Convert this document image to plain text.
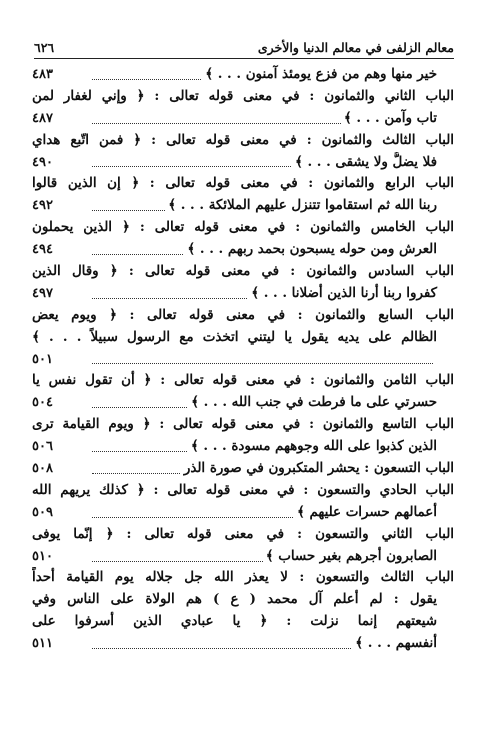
٦٢٦	معالم الزلفى في معالم الدنيا والأخرى
خير منها وهم من فزع يومئذ آمنون . . . ﴾
٤٨٣
الباب الثاني والثمانون : في معنى قوله تعالى : ﴿ وإني لغفار لمن
تاب وآمن . . . ﴾
٤٨٧
الباب الثالث والثمانون : في معنى قوله تعالى : ﴿ فمن اتّبع هداي
فلا يضلُّ ولا يشقى . . . ﴾
٤٩٠
الباب الرابع والثمانون : في معنى قوله تعالى : ﴿ إن الذين قالوا
ربنا الله ثم استقاموا تتنزل عليهم الملائكة . . . ﴾
٤٩٢
الباب الخامس والثمانون : في معنى قوله تعالى : ﴿ الذين يحملون
العرش ومن حوله يسبحون بحمد ربهم . . . ﴾
٤٩٤
الباب السادس والثمانون : في معنى قوله تعالى : ﴿ وقال الذين
كفروا ربنا أرنا الذين أضلانا . . . ﴾
٤٩٧
الباب السابع والثمانون : في معنى قوله تعالى : ﴿ ويوم يعض
الظالم على يديه يقول يا ليتني اتخذت مع الرسول سبيلاً . . . ﴾
٥٠١
الباب الثامن والثمانون : في معنى قوله تعالى : ﴿ أن تقول نفس يا
حسرتي على ما فرطت في جنب الله . . . ﴾
٥٠٤
الباب التاسع والثمانون : في معنى قوله تعالى : ﴿ ويوم القيامة ترى
الذين كذبوا على الله وجوههم مسودة . . . ﴾
٥٠٦
الباب التسعون : يحشر المتكبرون في صورة الذر
٥٠٨
الباب الحادي والتسعون : في معنى قوله تعالى : ﴿ كذلك يريهم الله
أعمالهم حسرات عليهم ﴾
٥٠٩
الباب الثاني والتسعون : في معنى قوله تعالى : ﴿ إنّما يوفى
الصابرون أجرهم بغير حساب ﴾
٥١٠
الباب الثالث والتسعون : لا يعذر الله جل جلاله يوم القيامة أحداً
يقول : لم أعلم آل محمد ( ع ) هم الولاة على الناس وفي
شيعتهم إنما نزلت : ﴿ يا عبادي الذين أسرفوا على
أنفسهم . . . ﴾
٥١١
